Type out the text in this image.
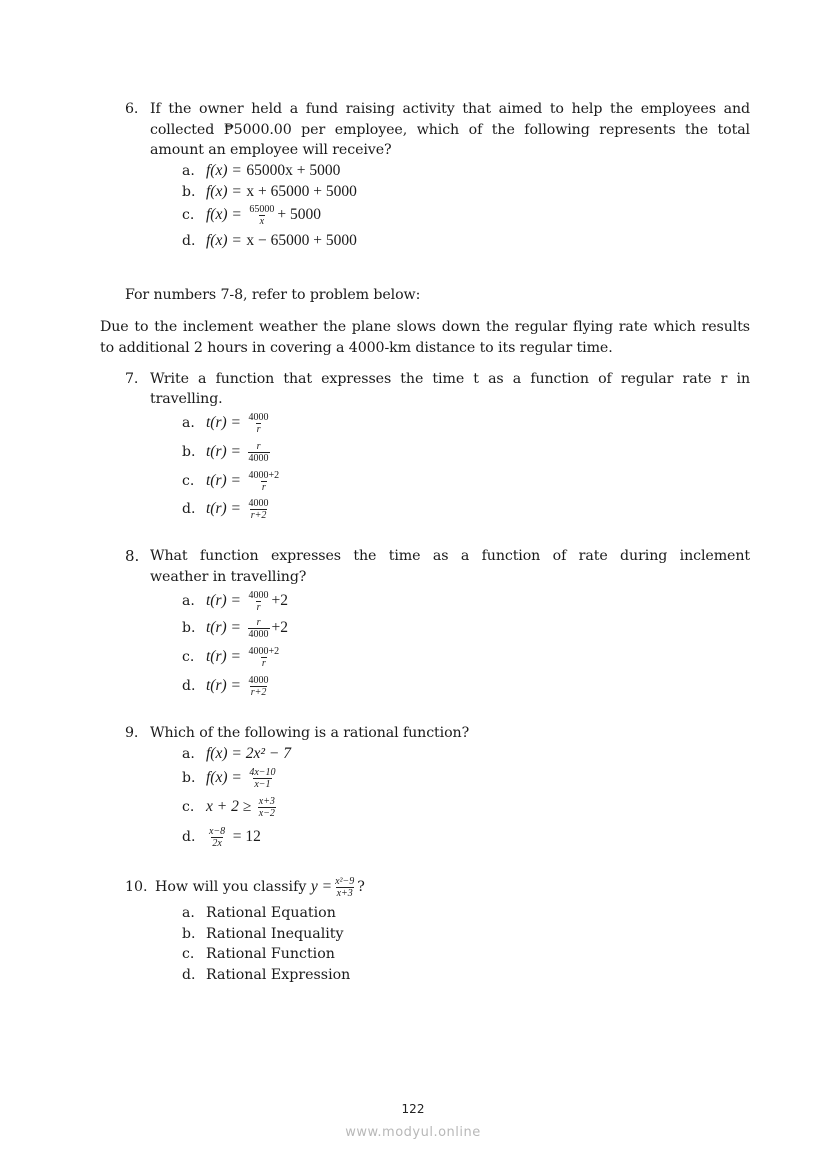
6. If the owner held a fund raising activity that aimed to help the employees and
collected ₱5000.00 per employee, which of the following represents the total
amount an employee will receive?
a. f(x) =
65000x + 5000
b. f(x) =
x + 65000 + 5000
c. f(x) =
$\frac{65000}{x} + 5000$
d. f(x) =
x − 65000 + 5000
For numbers 7-8, refer to problem below:
Due to the inclement weather the plane slows down the regular flying rate which results
to additional 2 hours in covering a 4000-km distance to its regular time.
7. Write a function that expresses the time t as a function of regular rate r in
travelling.
a. t(r) =
$\frac{4000}{r}$
b. t(r) =
$\frac{r}{4000}$
c. t(r) =
$\frac{4000+2}{r}$
d. t(r) =
$\frac{4000}{r+2}$
8. What function expresses the time as a function of rate during inclement
weather in travelling?
a. t(r) =
$\frac{4000}{r} +2$
b. t(r) =
$\frac{r}{4000} +2$
c. t(r) =
$\frac{4000+2}{r}$
d. t(r) =
$\frac{4000}{r+2}$
9. Which of the following is a rational function?
a. f(x) = 2x² − 7
b. f(x) =
$\frac{4x-10}{x-1}$
c. x + 2 ≥
$\frac{x+3}{x-2}$
d.	$\frac{x-8}{2x}$
= 12
10. How will you classify
$y = \frac{\text{x²−9}}{x+3}$ ?
a. Rational Equation
b. Rational Inequality
c. Rational Function
d. Rational Expression
122
www.modyul.online
